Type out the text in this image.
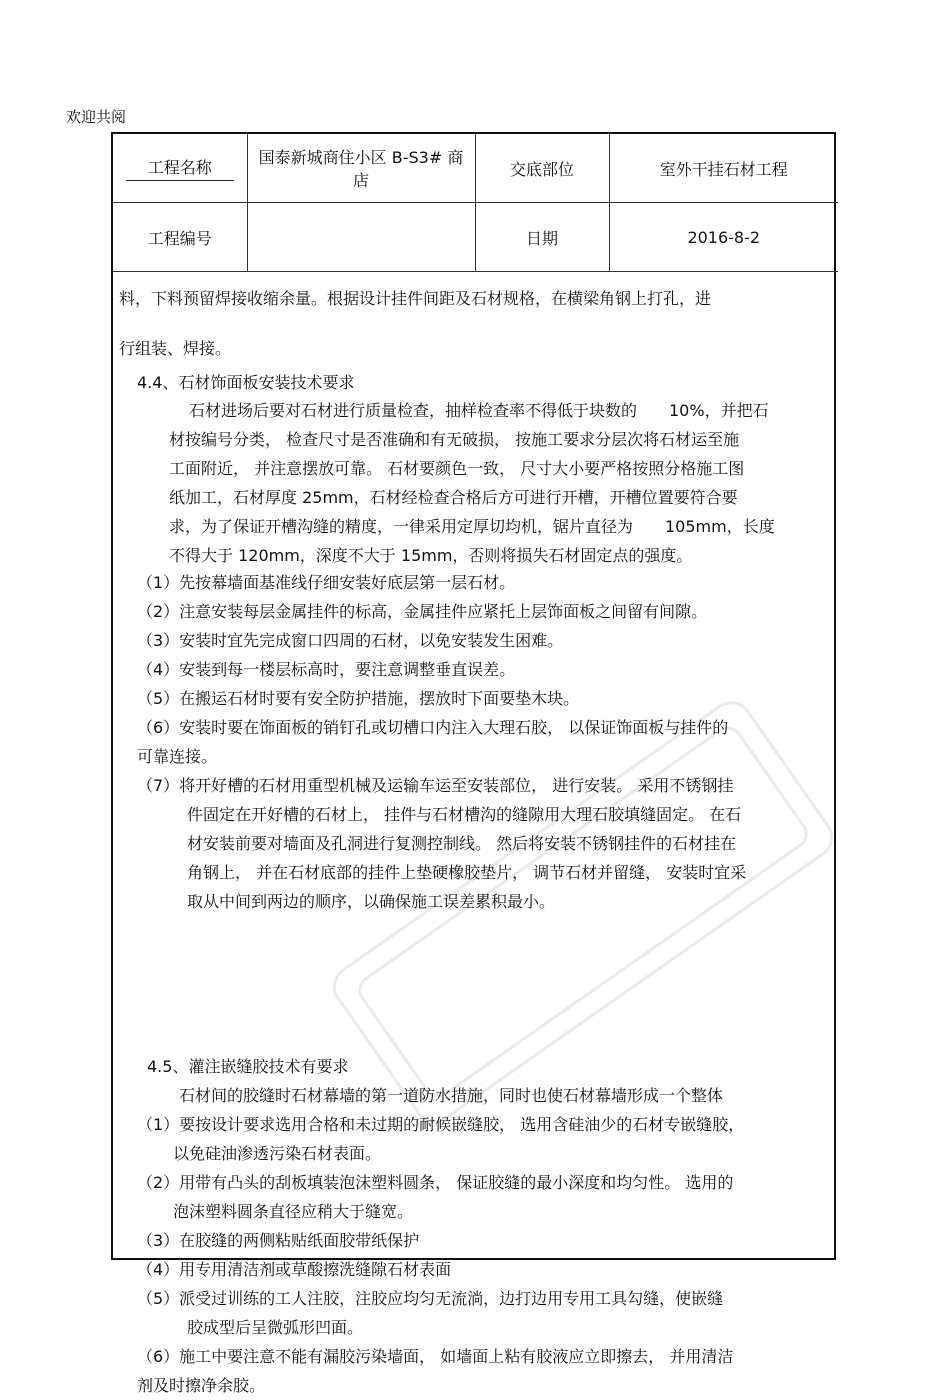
欢迎共阅
工程名称	国泰新城商住小区 B-S3# 商店	交底部位	室外干挂石材工程
工程编号		日期	2016-8-2

料，下料预留焊接收缩余量。根据设计挂件间距及石材规格，在横梁角钢上打孔，进

行组装、焊接。

4.4、石材饰面板安装技术要求

石材进场后要对石材进行质量检查，抽样检查率不得低于块数的　　10%，并把石

材按编号分类， 检查尺寸是否准确和有无破损， 按施工要求分层次将石材运至施

工面附近， 并注意摆放可靠。 石材要颜色一致， 尺寸大小要严格按照分格施工图

纸加工，石材厚度 25mm，石材经检查合格后方可进行开槽，开槽位置要符合要

求，为了保证开槽沟缝的精度，一律采用定厚切均机，锯片直径为　　105mm，长度

不得大于 120mm，深度不大于 15mm，否则将损失石材固定点的强度。

（1）先按幕墙面基准线仔细安装好底层第一层石材。

（2）注意安装每层金属挂件的标高，金属挂件应紧托上层饰面板之间留有间隙。

（3）安装时宜先完成窗口四周的石材，以免安装发生困难。

（4）安装到每一楼层标高时，要注意调整垂直误差。

（5）在搬运石材时要有安全防护措施，摆放时下面要垫木块。

（6）安装时要在饰面板的销钉孔或切槽口内注入大理石胶， 以保证饰面板与挂件的

可靠连接。

（7）将开好槽的石材用重型机械及运输车运至安装部位， 进行安装。 采用不锈钢挂

件固定在开好槽的石材上， 挂件与石材槽沟的缝隙用大理石胶填缝固定。 在石

材安装前要对墙面及孔洞进行复测控制线。 然后将安装不锈钢挂件的石材挂在

角钢上， 并在石材底部的挂件上垫硬橡胶垫片， 调节石材并留缝， 安装时宜采

取从中间到两边的顺序，以确保施工误差累积最小。

4.5、灌注嵌缝胶技术有要求

石材间的胶缝时石材幕墙的第一道防水措施，同时也使石材幕墙形成一个整体

（1）要按设计要求选用合格和未过期的耐候嵌缝胶， 选用含硅油少的石材专嵌缝胶，

以免硅油渗透污染石材表面。

（2）用带有凸头的刮板填装泡沫塑料圆条， 保证胶缝的最小深度和均匀性。 选用的

泡沫塑料圆条直径应稍大于缝宽。

（3）在胶缝的两侧粘贴纸面胶带纸保护

（4）用专用清洁剂或草酸擦洗缝隙石材表面

（5）派受过训练的工人注胶，注胶应均匀无流淌，边打边用专用工具勾缝，使嵌缝

胶成型后呈微弧形凹面。

（6）施工中要注意不能有漏胶污染墙面， 如墙面上粘有胶液应立即擦去， 并用清洁

剂及时擦净余胶。
